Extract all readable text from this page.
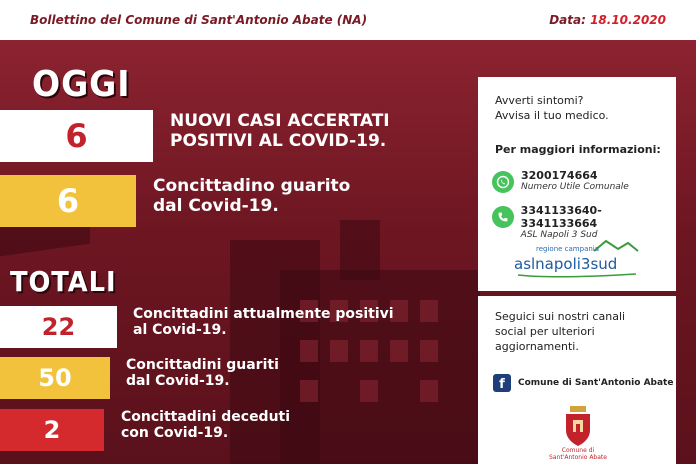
Bollettino del Comune di Sant'Antonio Abate (NA)	Data: 18.10.2020
OGGI
6	NUOVI CASI ACCERTATI
POSITIVI AL COVID-19.
6	Concittadino guarito
dal Covid-19.
TOTALI
22	Concittadini attualmente positivi
al Covid-19.
50	Concittadini guariti
dal Covid-19.
2	Concittadini deceduti
con Covid-19.
Avverti sintomi?
Avvisa il tuo medico.
Per maggiori informazioni:
3200174664
Numero Utile Comunale
3341133640-3341133664
ASL Napoli 3 Sud
regione campania
aslnapoli3sud
Seguici sui nostri canali
social per ulteriori
aggiornamenti.
f	Comune di Sant'Antonio Abate
Comune di
Sant'Antonio Abate
